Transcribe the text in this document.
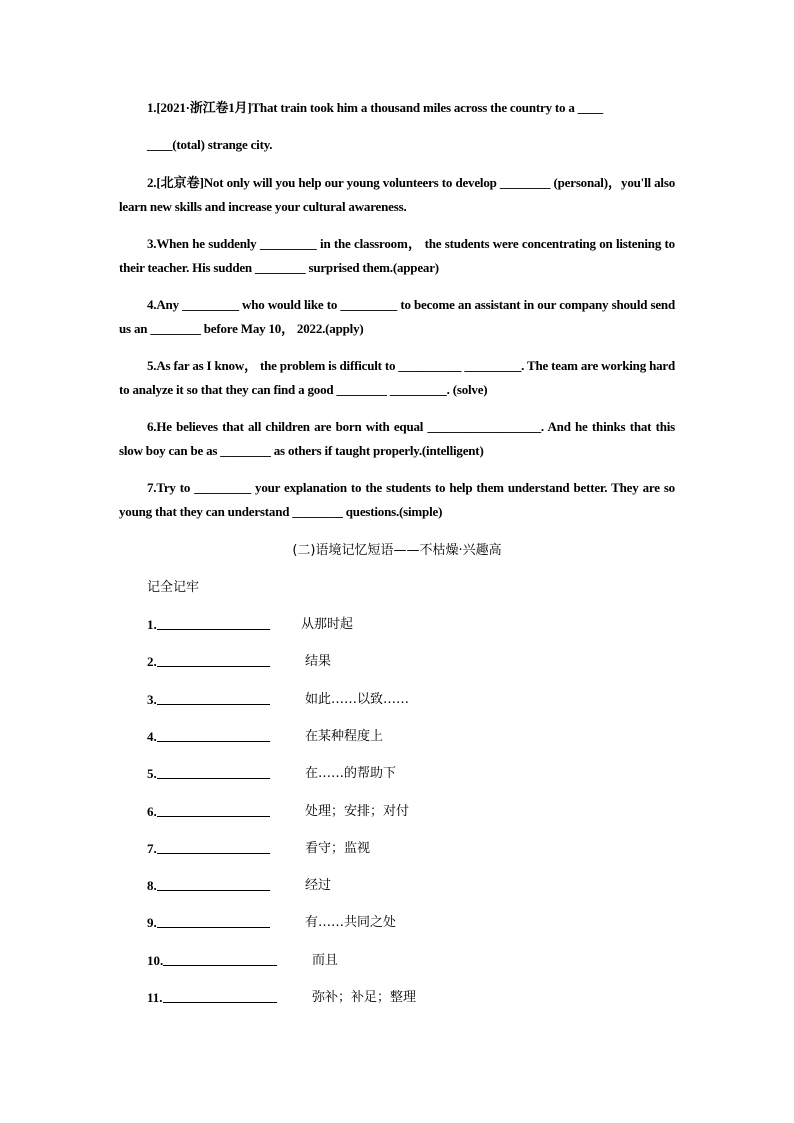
1.[2021·浙江卷1月]That train took him a thousand miles across the country to a ____
____(total) strange city.
2.[北京卷]Not only will you help our young volunteers to develop ________ (personal)，you'll also learn new skills and increase your cultural awareness.
3.When he suddenly _________ in the classroom， the students were concentrating on listening to their teacher. His sudden ________ surprised them.(appear)
4.Any _________ who would like to _________ to become an assistant in our company should send us an ________ before May 10， 2022.(apply)
5.As far as I know， the problem is difficult to __________ _________. The team are working hard to analyze it so that they can find a good ________ _________. (solve)
6.He believes that all children are born with equal __________________. And he thinks that this slow boy can be as ________ as others if taught properly.(intelligent)
7.Try to _________ your explanation to the students to help them understand better. They are so young that they can understand ________ questions.(simple)
(二)语境记忆短语——不枯燥·兴趣高
记全记牢
1.	从那时起
2.	结果
3.	如此……以致……
4.	在某种程度上
5.	在……的帮助下
6.	处理；安排；对付
7.	看守；监视
8.	经过
9.	有……共同之处
10.	而且
11.	弥补；补足；整理
